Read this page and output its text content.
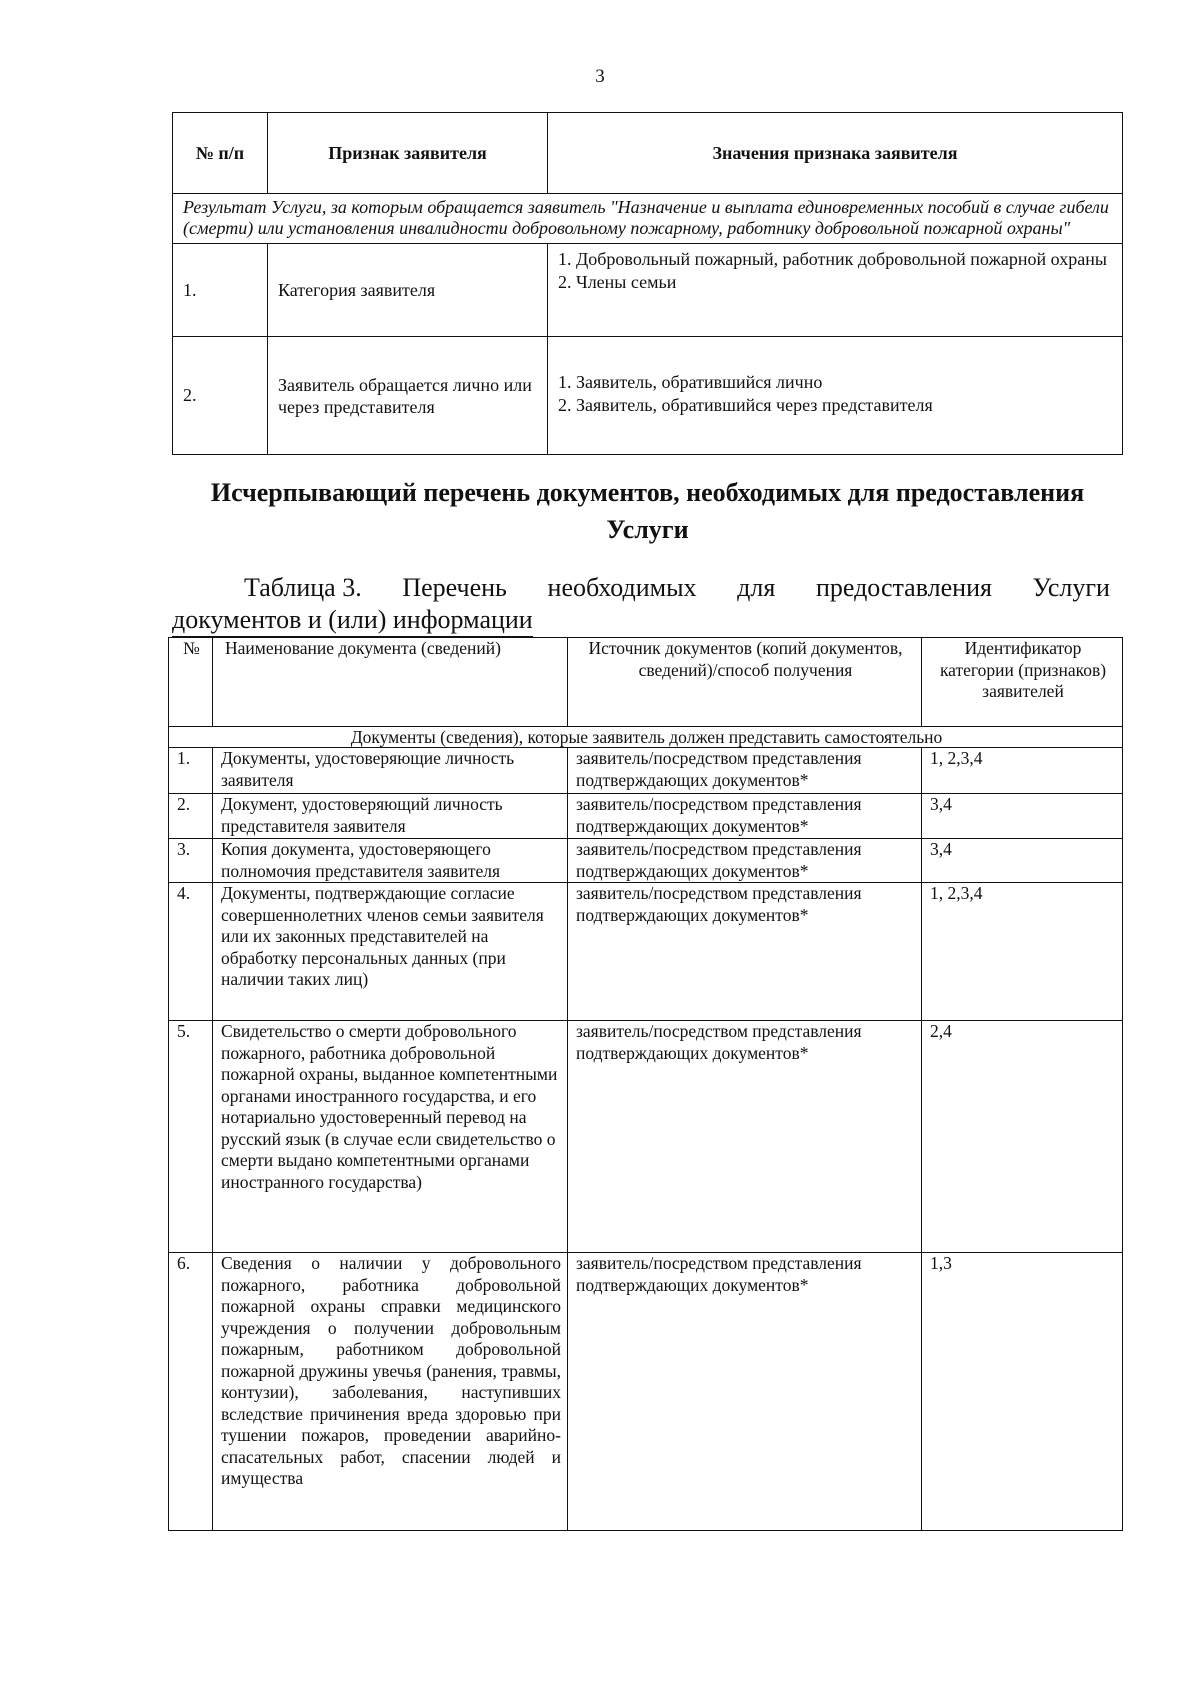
3
№ п/п	Признак заявителя	Значения признака заявителя
Результат Услуги, за которым обращается заявитель "Назначение и выплата единовременных пособий в случае гибели (смерти) или установления инвалидности добровольному пожарному, работнику добровольной пожарной охраны"		
1.	Категория заявителя	1. Добровольный пожарный, работник добровольной пожарной охраны
2. Члены семьи

2.	Заявитель обращается лично или через представителя	1. Заявитель, обратившийся лично
2. Заявитель, обратившийся через представителя
Исчерпывающий перечень документов, необходимых для предоставления Услуги
Таблица 3. Перечень необходимых для предоставления Услуги
документов и (или) информации
№	Наименование документа (сведений)	Источник документов (копий документов, сведений)/способ получения	Идентификатор категории (признаков) заявителей
Документы (сведения), которые заявитель должен представить самостоятельно			
1.	Документы, удостоверяющие личность заявителя	заявитель/посредством представления подтверждающих документов*	1, 2,3,4
2.	Документ, удостоверяющий личность представителя заявителя	заявитель/посредством представления подтверждающих документов*	3,4
3.	Копия документа, удостоверяющего полномочия представителя заявителя	заявитель/посредством представления подтверждающих документов*	3,4
4.	Документы, подтверждающие согласие совершеннолетних членов семьи заявителя или их законных представителей на обработку персональных данных (при наличии таких лиц)	заявитель/посредством представления подтверждающих документов*	1, 2,3,4
5.	Свидетельство о смерти добровольного пожарного, работника добровольной пожарной охраны, выданное компетентными органами иностранного государства, и его нотариально удостоверенный перевод на русский язык (в случае если свидетельство о смерти выдано компетентными органами иностранного государства)	заявитель/посредством представления подтверждающих документов*	2,4
6.	Сведения о наличии у добровольного пожарного, работника добровольной пожарной охраны справки медицинского учреждения о получении добровольным пожарным, работником добровольной пожарной дружины увечья (ранения, травмы, контузии), заболевания, наступивших вследствие причинения вреда здоровью при тушении пожаров, проведении аварийно-спасательных работ, спасении людей и имущества	заявитель/посредством представления подтверждающих документов*	1,3
